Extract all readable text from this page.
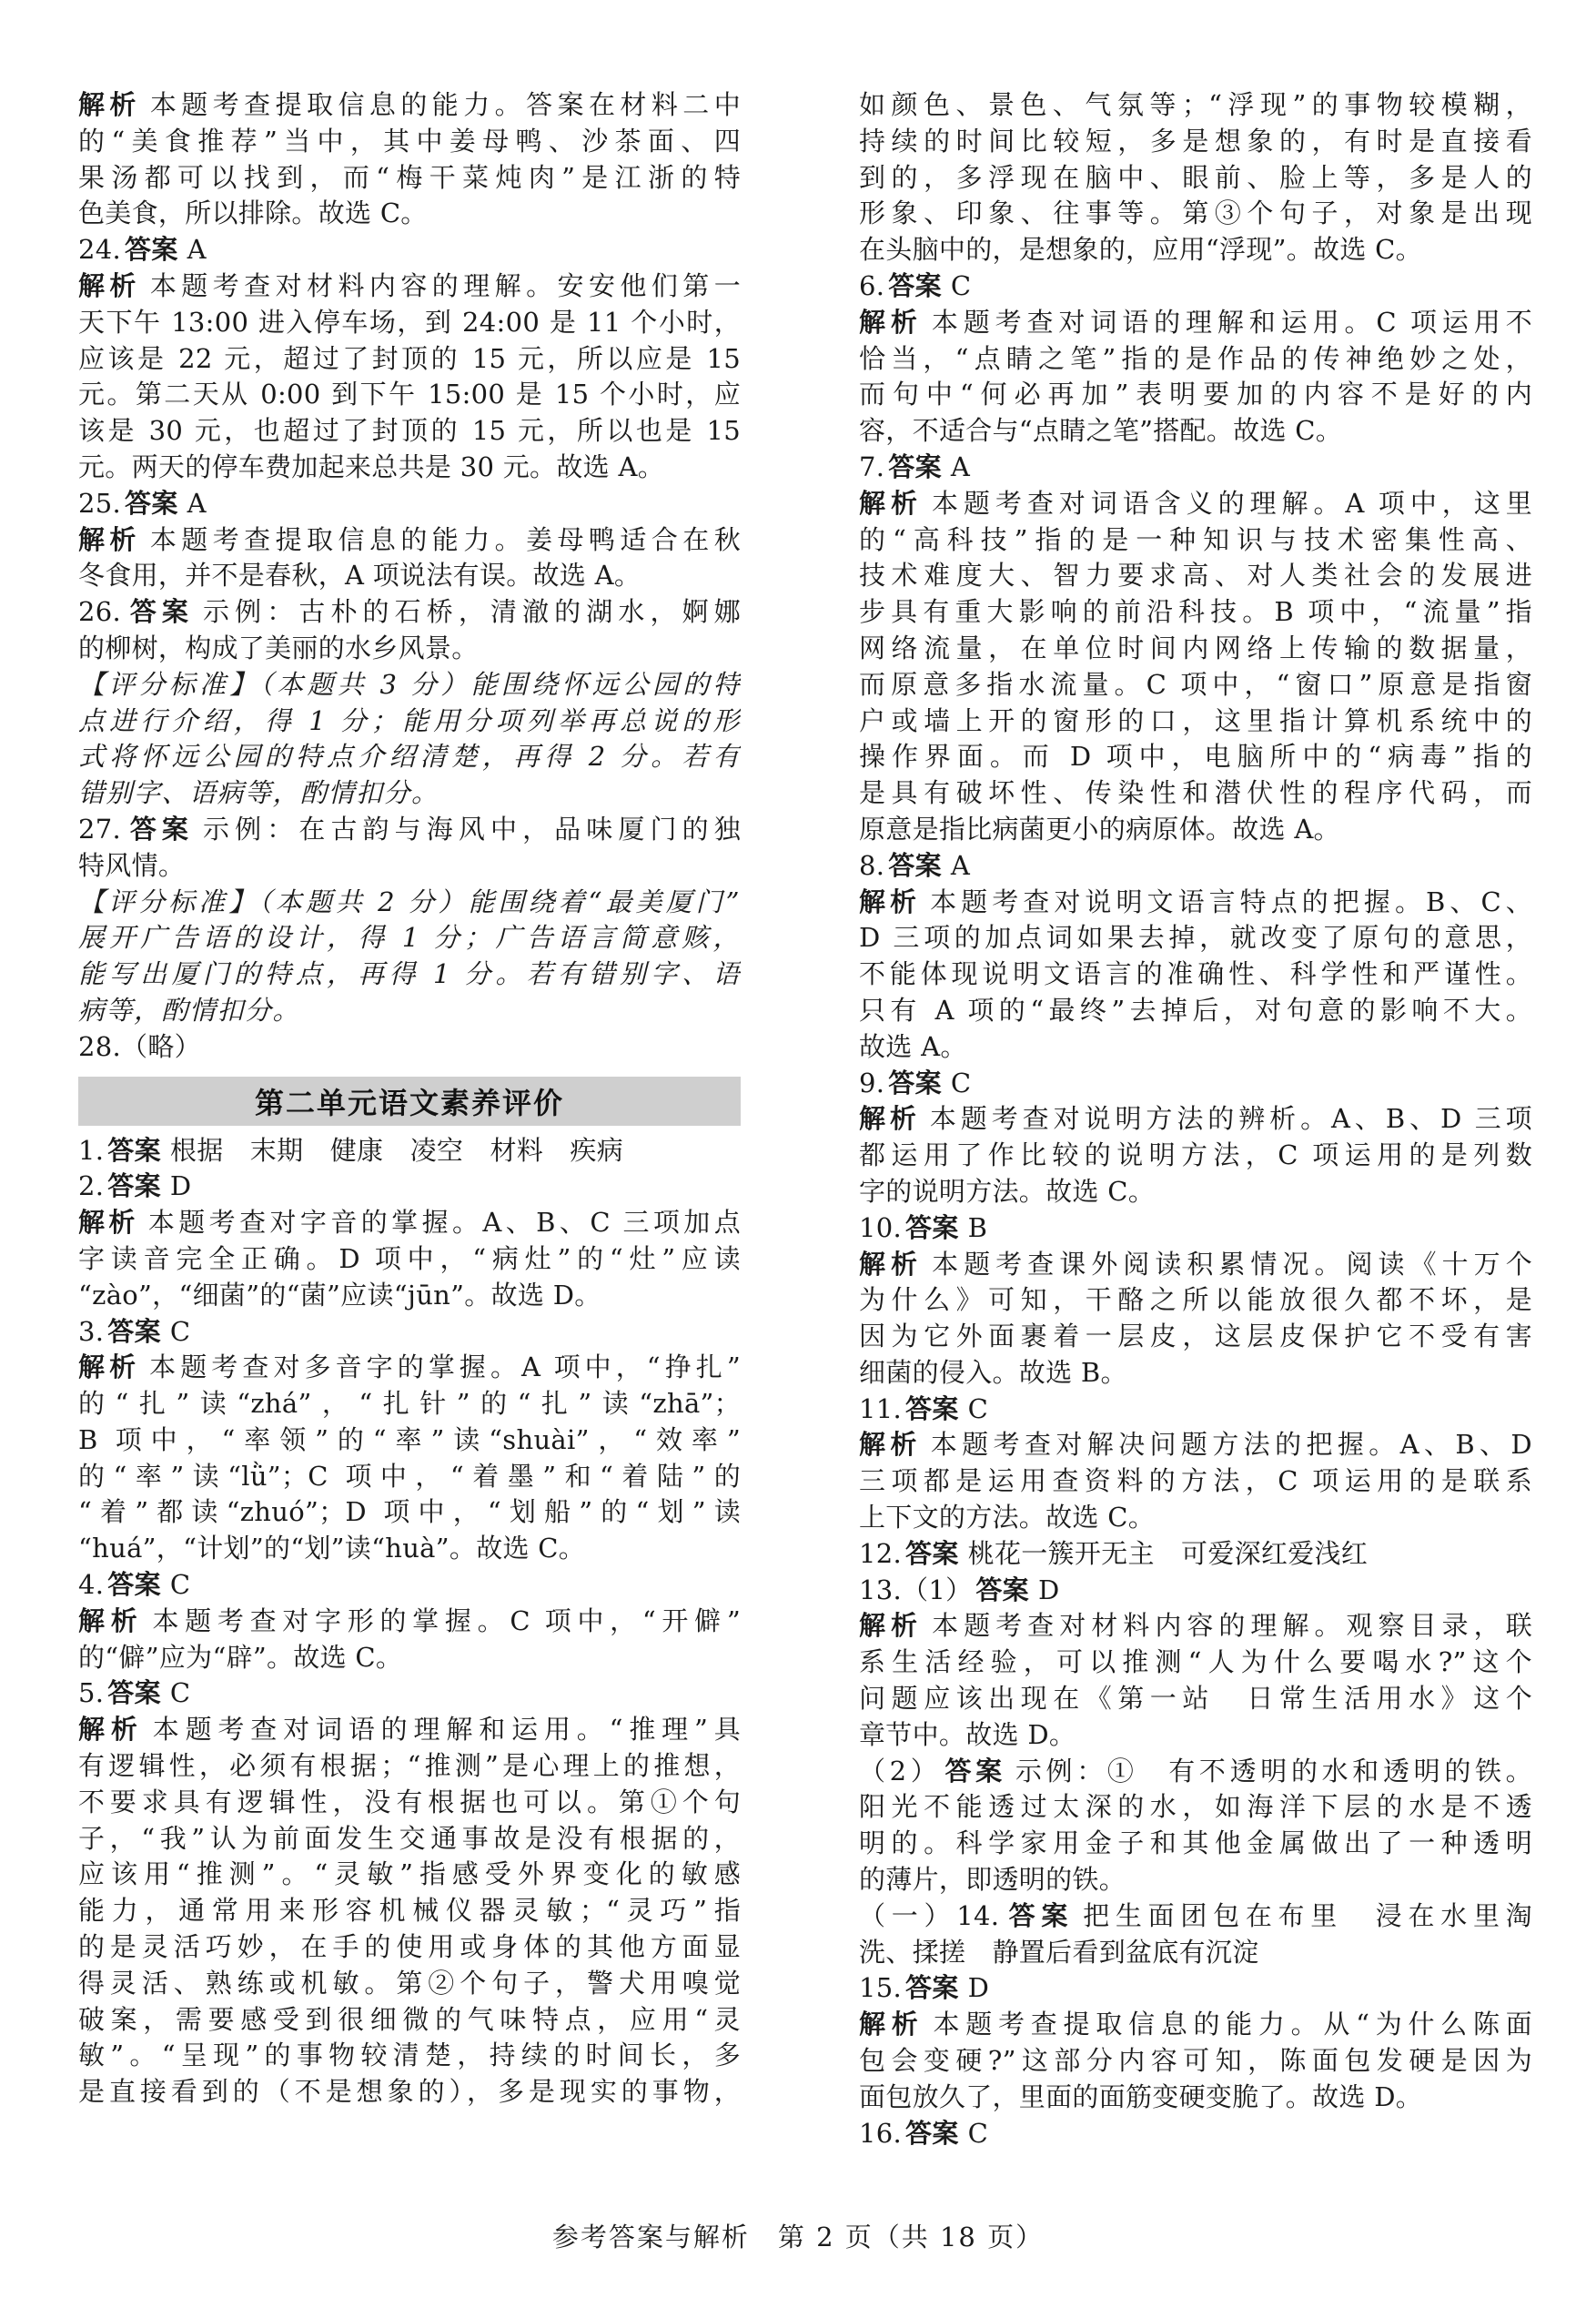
解析 本题考查提取信息的能力。答案在材料二中
的“美食推荐”当中，其中姜母鸭、沙茶面、四
果汤都可以找到，而“梅干菜炖肉”是江浙的特
色美食，所以排除。故选 C。
24. 答案 A
解析 本题考查对材料内容的理解。安安他们第一
天下午 13:00 进入停车场，到 24:00 是 11 个小时，
应该是 22 元，超过了封顶的 15 元，所以应是 15
元。第二天从 0:00 到下午 15:00 是 15 个小时，应
该是 30 元，也超过了封顶的 15 元，所以也是 15
元。两天的停车费加起来总共是 30 元。故选 A。
25. 答案 A
解析 本题考查提取信息的能力。姜母鸭适合在秋
冬食用，并不是春秋，A 项说法有误。故选 A。
26. 答案 示例：古朴的石桥，清澈的湖水，婀娜
的柳树，构成了美丽的水乡风景。
【评分标准】（本题共 3 分）能围绕怀远公园的特
点进行介绍，得 1 分；能用分项列举再总说的形
式将怀远公园的特点介绍清楚，再得 2 分。若有
错别字、语病等，酌情扣分。
27. 答案 示例：在古韵与海风中，品味厦门的独
特风情。
【评分标准】（本题共 2 分）能围绕着“最美厦门”
展开广告语的设计，得 1 分；广告语言简意赅，
能写出厦门的特点，再得 1 分。若有错别字、语
病等，酌情扣分。
28.（略）
第二单元语文素养评价
1. 答案 根据　末期　健康　凌空　材料　疾病
2. 答案 D
解析 本题考查对字音的掌握。A、B、C 三项加点
字读音完全正确。D 项中，“病灶”的“灶”应读
“zào”，“细菌”的“菌”应读“jūn”。故选 D。
3. 答案 C
解析 本题考查对多音字的掌握。A 项中，“挣扎”
的“扎”读“zhá”，“扎针”的“扎”读“zhā”；
B 项中，“率领”的“率”读“shuài”，“效率”
的“率”读“lǜ”；C 项中，“着墨”和“着陆”的
“着”都读“zhuó”；D 项中，“划船”的“划”读
“huá”，“计划”的“划”读“huà”。故选 C。
4. 答案 C
解析 本题考查对字形的掌握。C 项中，“开僻”
的“僻”应为“辟”。故选 C。
5. 答案 C
解析 本题考查对词语的理解和运用。“推理”具
有逻辑性，必须有根据；“推测”是心理上的推想，
不要求具有逻辑性，没有根据也可以。第①个句
子，“我”认为前面发生交通事故是没有根据的，
应该用“推测”。“灵敏”指感受外界变化的敏感
能力，通常用来形容机械仪器灵敏；“灵巧”指
的是灵活巧妙，在手的使用或身体的其他方面显
得灵活、熟练或机敏。第②个句子，警犬用嗅觉
破案，需要感受到很细微的气味特点，应用“灵
敏”。“呈现”的事物较清楚，持续的时间长，多
是直接看到的（不是想象的），多是现实的事物，
如颜色、景色、气氛等；“浮现”的事物较模糊，
持续的时间比较短，多是想象的，有时是直接看
到的，多浮现在脑中、眼前、脸上等，多是人的
形象、印象、往事等。第③个句子，对象是出现
在头脑中的，是想象的，应用“浮现”。故选 C。
6. 答案 C
解析 本题考查对词语的理解和运用。C 项运用不
恰当，“点睛之笔”指的是作品的传神绝妙之处，
而句中“何必再加”表明要加的内容不是好的内
容，不适合与“点睛之笔”搭配。故选 C。
7. 答案 A
解析 本题考查对词语含义的理解。A 项中，这里
的“高科技”指的是一种知识与技术密集性高、
技术难度大、智力要求高、对人类社会的发展进
步具有重大影响的前沿科技。B 项中，“流量”指
网络流量，在单位时间内网络上传输的数据量，
而原意多指水流量。C 项中，“窗口”原意是指窗
户或墙上开的窗形的口，这里指计算机系统中的
操作界面。而 D 项中，电脑所中的“病毒”指的
是具有破坏性、传染性和潜伏性的程序代码，而
原意是指比病菌更小的病原体。故选 A。
8. 答案 A
解析 本题考查对说明文语言特点的把握。B、C、
D 三项的加点词如果去掉，就改变了原句的意思，
不能体现说明文语言的准确性、科学性和严谨性。
只有 A 项的“最终”去掉后，对句意的影响不大。
故选 A。
9. 答案 C
解析 本题考查对说明方法的辨析。A、B、D 三项
都运用了作比较的说明方法，C 项运用的是列数
字的说明方法。故选 C。
10. 答案 B
解析 本题考查课外阅读积累情况。阅读《十万个
为什么》可知，干酪之所以能放很久都不坏，是
因为它外面裹着一层皮，这层皮保护它不受有害
细菌的侵入。故选 B。
11. 答案 C
解析 本题考查对解决问题方法的把握。A、B、D
三项都是运用查资料的方法，C 项运用的是联系
上下文的方法。故选 C。
12. 答案 桃花一簇开无主　可爱深红爱浅红
13.（1） 答案 D
解析 本题考查对材料内容的理解。观察目录，联
系生活经验，可以推测“人为什么要喝水?”这个
问题应该出现在《第一站　日常生活用水》这个
章节中。故选 D。
（2） 答案 示例：①　有不透明的水和透明的铁。
阳光不能透过太深的水，如海洋下层的水是不透
明的。科学家用金子和其他金属做出了一种透明
的薄片，即透明的铁。
（一）14. 答案 把生面团包在布里　浸在水里淘
洗、揉搓　静置后看到盆底有沉淀
15. 答案 D
解析 本题考查提取信息的能力。从“为什么陈面
包会变硬?”这部分内容可知，陈面包发硬是因为
面包放久了，里面的面筋变硬变脆了。故选 D。
16. 答案 C
参考答案与解析　第 2 页（共 18 页）
